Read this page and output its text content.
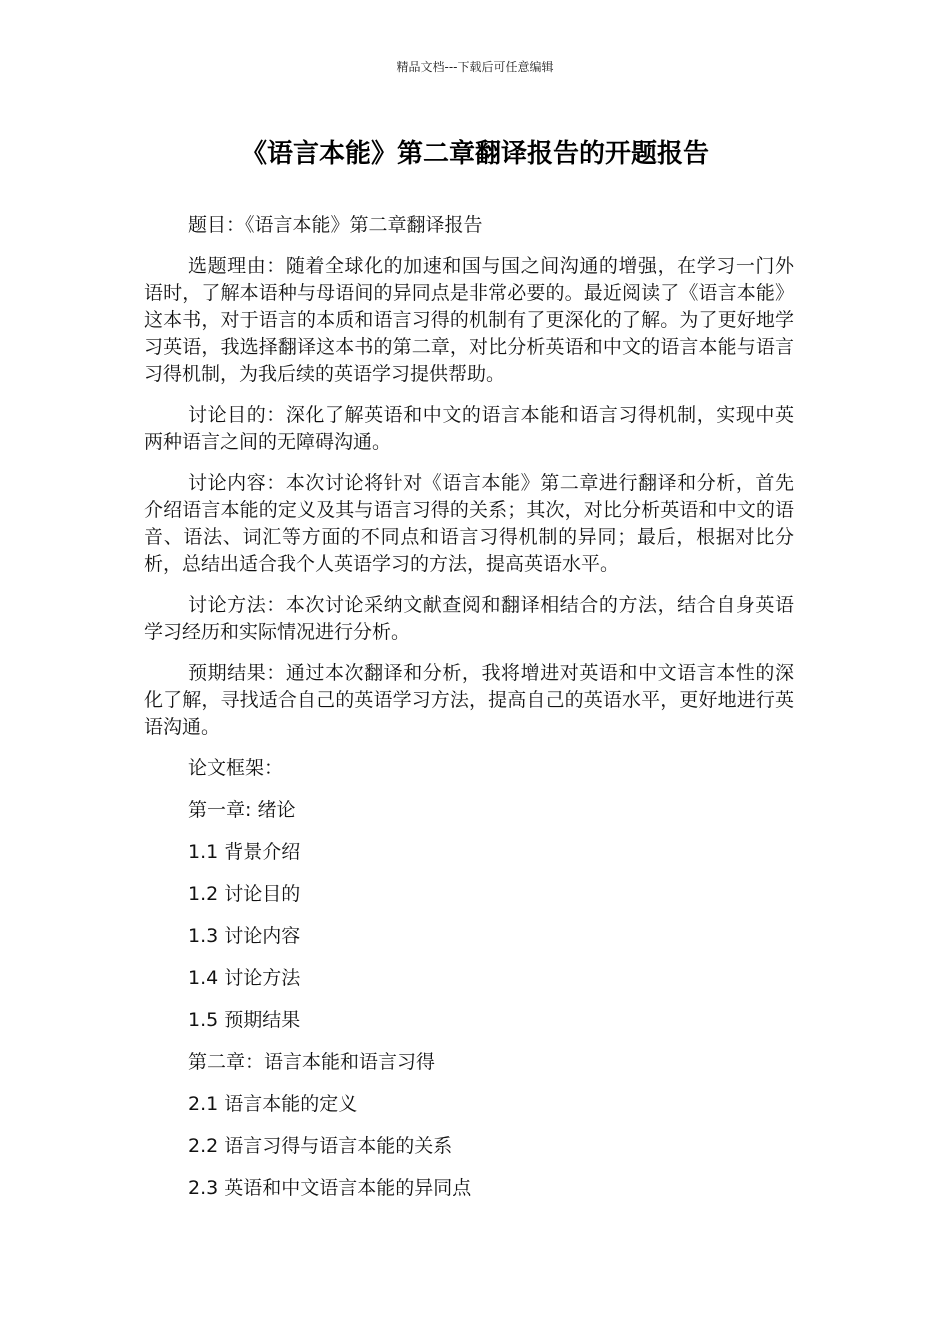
精品文档---下载后可任意编辑
《语言本能》第二章翻译报告的开题报告

题目：《语言本能》第二章翻译报告

选题理由：随着全球化的加速和国与国之间沟通的增强，在学习一门外语时，了解本语种与母语间的异同点是非常必要的。最近阅读了《语言本能》这本书，对于语言的本质和语言习得的机制有了更深化的了解。为了更好地学习英语，我选择翻译这本书的第二章，对比分析英语和中文的语言本能与语言习得机制，为我后续的英语学习提供帮助。

讨论目的：深化了解英语和中文的语言本能和语言习得机制，实现中英两种语言之间的无障碍沟通。

讨论内容：本次讨论将针对《语言本能》第二章进行翻译和分析，首先介绍语言本能的定义及其与语言习得的关系；其次，对比分析英语和中文的语音、语法、词汇等方面的不同点和语言习得机制的异同；最后，根据对比分析，总结出适合我个人英语学习的方法，提高英语水平。

讨论方法：本次讨论采纳文献查阅和翻译相结合的方法，结合自身英语学习经历和实际情况进行分析。

预期结果：通过本次翻译和分析，我将增进对英语和中文语言本性的深化了解，寻找适合自己的英语学习方法，提高自己的英语水平，更好地进行英语沟通。

论文框架：
第一章: 绪论
1.1 背景介绍
1.2 讨论目的
1.3 讨论内容
1.4 讨论方法
1.5 预期结果
第二章：语言本能和语言习得
2.1 语言本能的定义
2.2 语言习得与语言本能的关系
2.3 英语和中文语言本能的异同点
